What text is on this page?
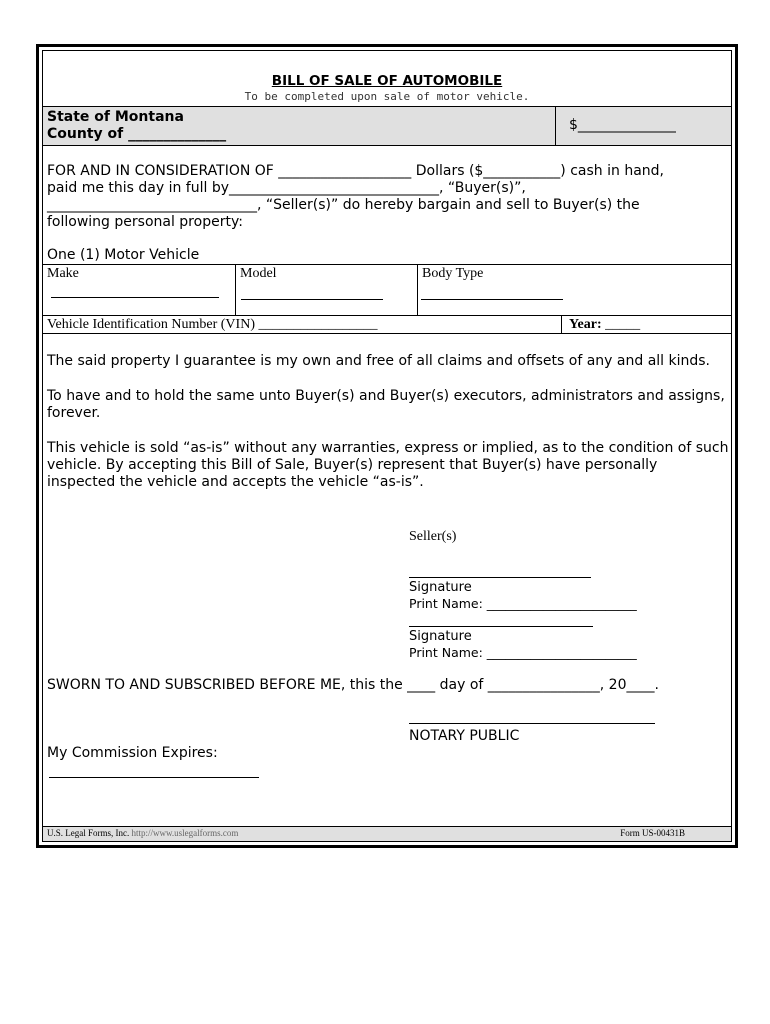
BILL OF SALE OF AUTOMOBILE
To be completed upon sale of motor vehicle.
State of Montana
County of ______________
$______________
FOR AND IN CONSIDERATION OF ___________________ Dollars ($___________) cash in hand,
paid me this day in full by______________________________, “Buyer(s)”,
______________________________, “Seller(s)” do hereby bargain and sell to Buyer(s) the
following personal property:
One (1) Motor Vehicle
Make	Model	Body Type
Vehicle Identification Number (VIN) _________________	Year: _____
The said property I guarantee is my own and free of all claims and offsets of any and all kinds.
To have and to hold the same unto Buyer(s) and Buyer(s) executors, administrators and assigns,
forever.
This vehicle is sold “as-is” without any warranties, express or implied, as to the condition of such
vehicle. By accepting this Bill of Sale, Buyer(s) represent that Buyer(s) have personally
inspected the vehicle and accepts the vehicle “as-is”.
Seller(s)
Signature
Print Name: ________________________
Signature
Print Name: ________________________
SWORN TO AND SUBSCRIBED BEFORE ME, this the ____ day of ________________, 20____.
NOTARY PUBLIC
My Commission Expires:
U.S. Legal Forms, Inc. http://www.uslegalforms.com	Form US-00431B
